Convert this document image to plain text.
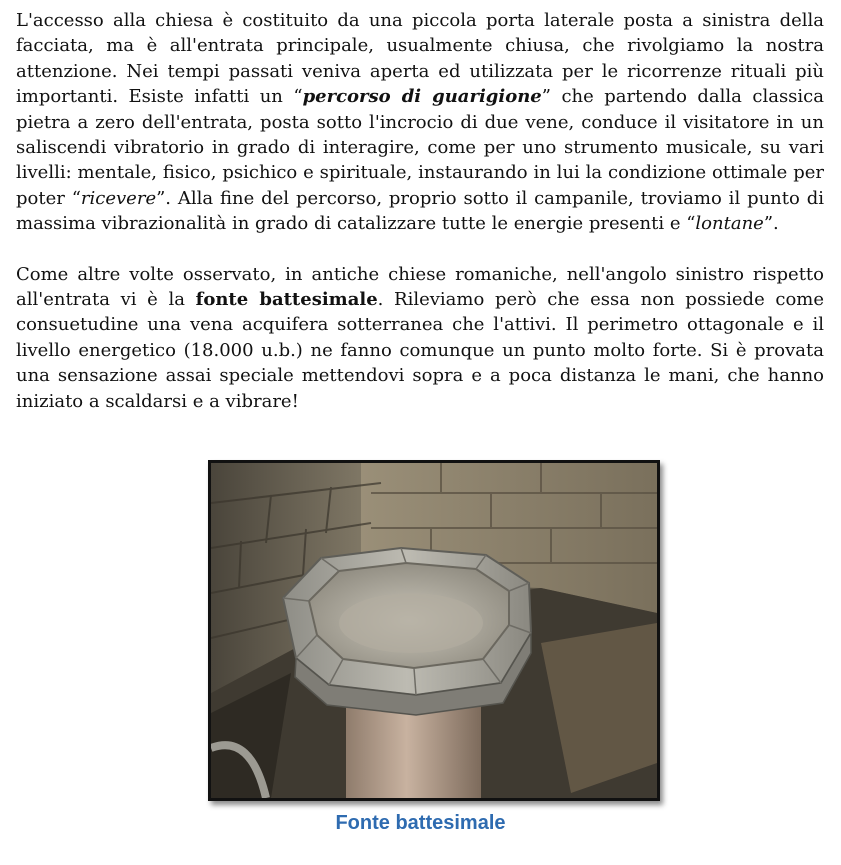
L'accesso alla chiesa è costituito da una piccola porta laterale posta a sinistra della facciata, ma è all'entrata principale, usualmente chiusa, che rivolgiamo la nostra attenzione. Nei tempi passati veniva aperta ed utilizzata per le ricorrenze rituali più importanti. Esiste infatti un “percorso di guarigione” che partendo dalla classica pietra a zero dell'entrata, posta sotto l'incrocio di due vene, conduce il visitatore in un saliscendi vibratorio in grado di interagire, come per uno strumento musicale, su vari livelli: mentale, fisico, psichico e spirituale, instaurando in lui la condizione ottimale per poter “ricevere”. Alla fine del percorso, proprio sotto il campanile, troviamo il punto di massima vibrazionalità in grado di catalizzare tutte le energie presenti e “lontane”.

Come altre volte osservato, in antiche chiese romaniche, nell'angolo sinistro rispetto all'entrata vi è la fonte battesimale. Rileviamo però che essa non possiede come consuetudine una vena acquifera sotterranea che l'attivi. Il perimetro ottagonale e il livello energetico (18.000 u.b.) ne fanno comunque un punto molto forte. Si è provata una sensazione assai speciale mettendovi sopra e a poca distanza le mani, che hanno iniziato a scaldarsi e a vibrare!

Fonte battesimale
